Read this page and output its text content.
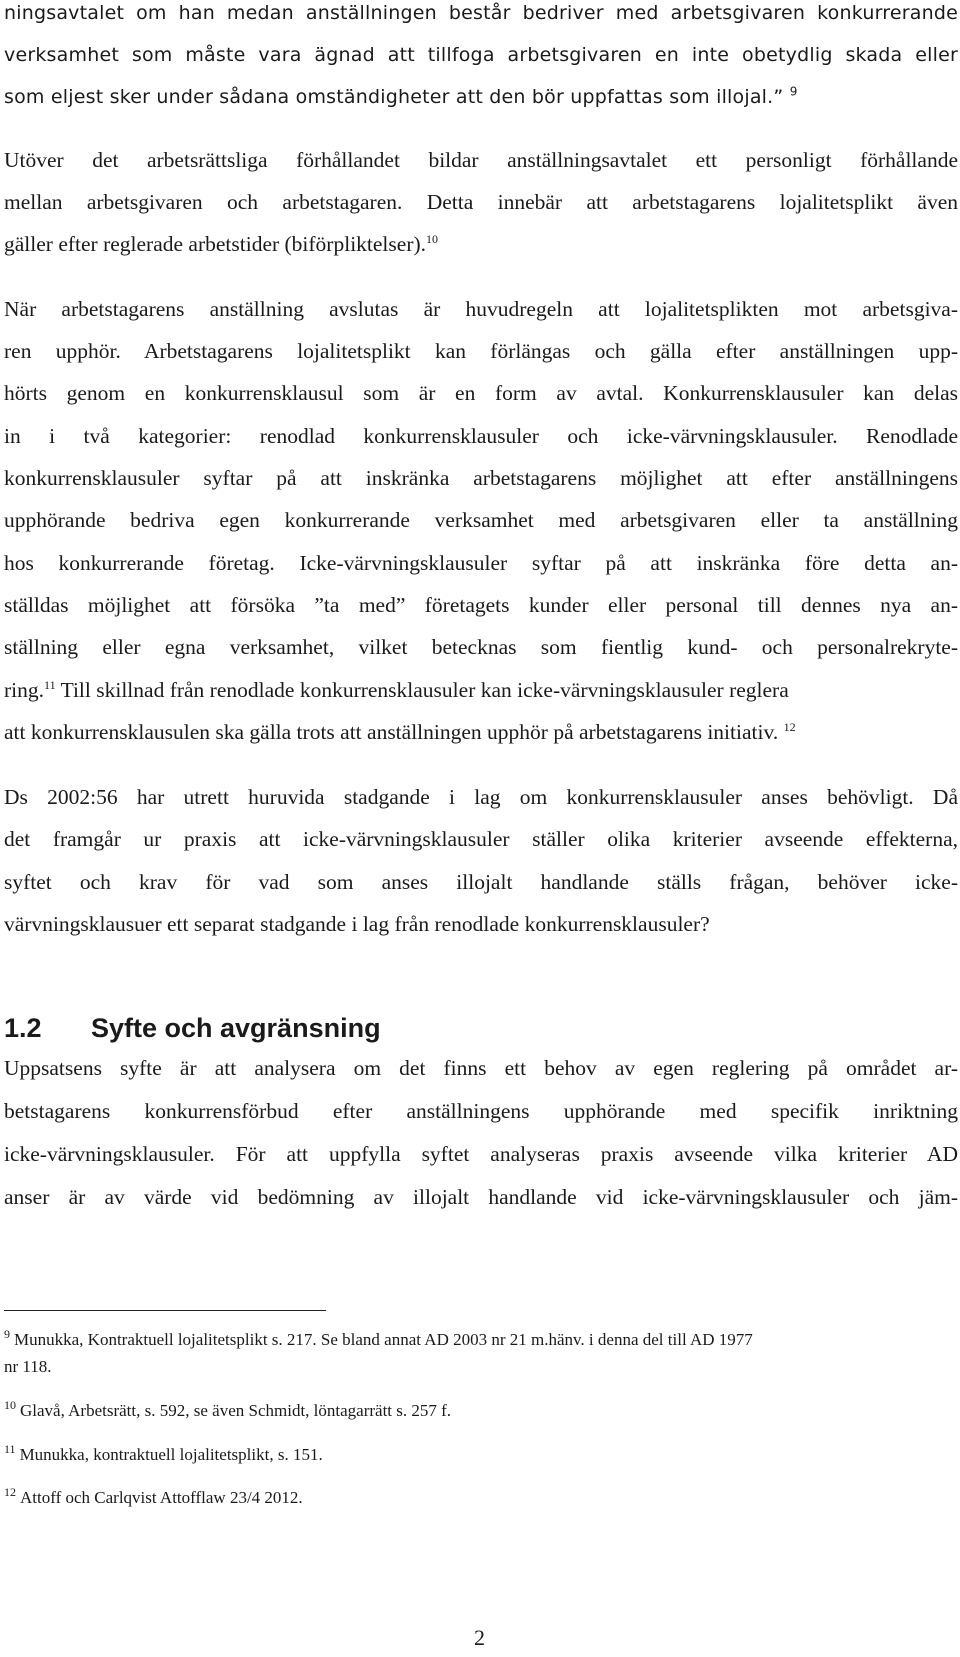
ningsavtalet om han medan anställningen består bedriver med arbetsgivaren konkurrerande
verksamhet som måste vara ägnad att tillfoga arbetsgivaren en inte obetydlig skada eller
som eljest sker under sådana omständigheter att den bör uppfattas som illojal.” $^9$
Utöver det arbetsrättsliga förhållandet bildar anställningsavtalet ett personligt förhållande
mellan arbetsgivaren och arbetstagaren. Detta innebär att arbetstagarens lojalitetsplikt även
gäller efter reglerade arbetstider (biförpliktelser).$^{10}$
När arbetstagarens anställning avslutas är huvudregeln att lojalitetsplikten mot arbetsgiva-
ren upphör. Arbetstagarens lojalitetsplikt kan förlängas och gälla efter anställningen upp-
hörts genom en konkurrensklausul som är en form av avtal. Konkurrensklausuler kan delas
in i två kategorier: renodlad konkurrensklausuler och icke-värvningsklausuler. Renodlade
konkurrensklausuler syftar på att inskränka arbetstagarens möjlighet att efter anställningens
upphörande bedriva egen konkurrerande verksamhet med arbetsgivaren eller ta anställning
hos konkurrerande företag. Icke-värvningsklausuler syftar på att inskränka före detta an-
ställdas möjlighet att försöka ”ta med” företagets kunder eller personal till dennes nya an-
ställning eller egna verksamhet, vilket betecknas som fientlig kund- och personalrekryte-
ring.$^{11}$ Till skillnad från renodlade konkurrensklausuler kan icke-värvningsklausuler reglera
att konkurrensklausulen ska gälla trots att anställningen upphör på arbetstagarens initiativ. $^{12}$
Ds 2002:56 har utrett huruvida stadgande i lag om konkurrensklausuler anses behövligt. Då
det framgår ur praxis att icke-värvningsklausuler ställer olika kriterier avseende effekterna,
syftet och krav för vad som anses illojalt handlande ställs frågan, behöver icke-
värvningsklausuer ett separat stadgande i lag från renodlade konkurrensklausuler?
1.2 Syfte och avgränsning
Uppsatsens syfte är att analysera om det finns ett behov av egen reglering på området ar-
betstagarens konkurrensförbud efter anställningens upphörande med specifik inriktning
icke-värvningsklausuler. För att uppfylla syftet analyseras praxis avseende vilka kriterier AD
anser är av värde vid bedömning av illojalt handlande vid icke-värvningsklausuler och jäm-
$^9$ Munukka, Kontraktuell lojalitetsplikt s. 217. Se bland annat AD 2003 nr 21 m.hänv. i denna del till AD 1977
nr 118.
$^{10}$ Glavå, Arbetsrätt, s. 592, se även Schmidt, löntagarrätt s. 257 f.
$^{11}$ Munukka, kontraktuell lojalitetsplikt, s. 151.
$^{12}$ Attoff och Carlqvist Attofflaw 23/4 2012.
2
